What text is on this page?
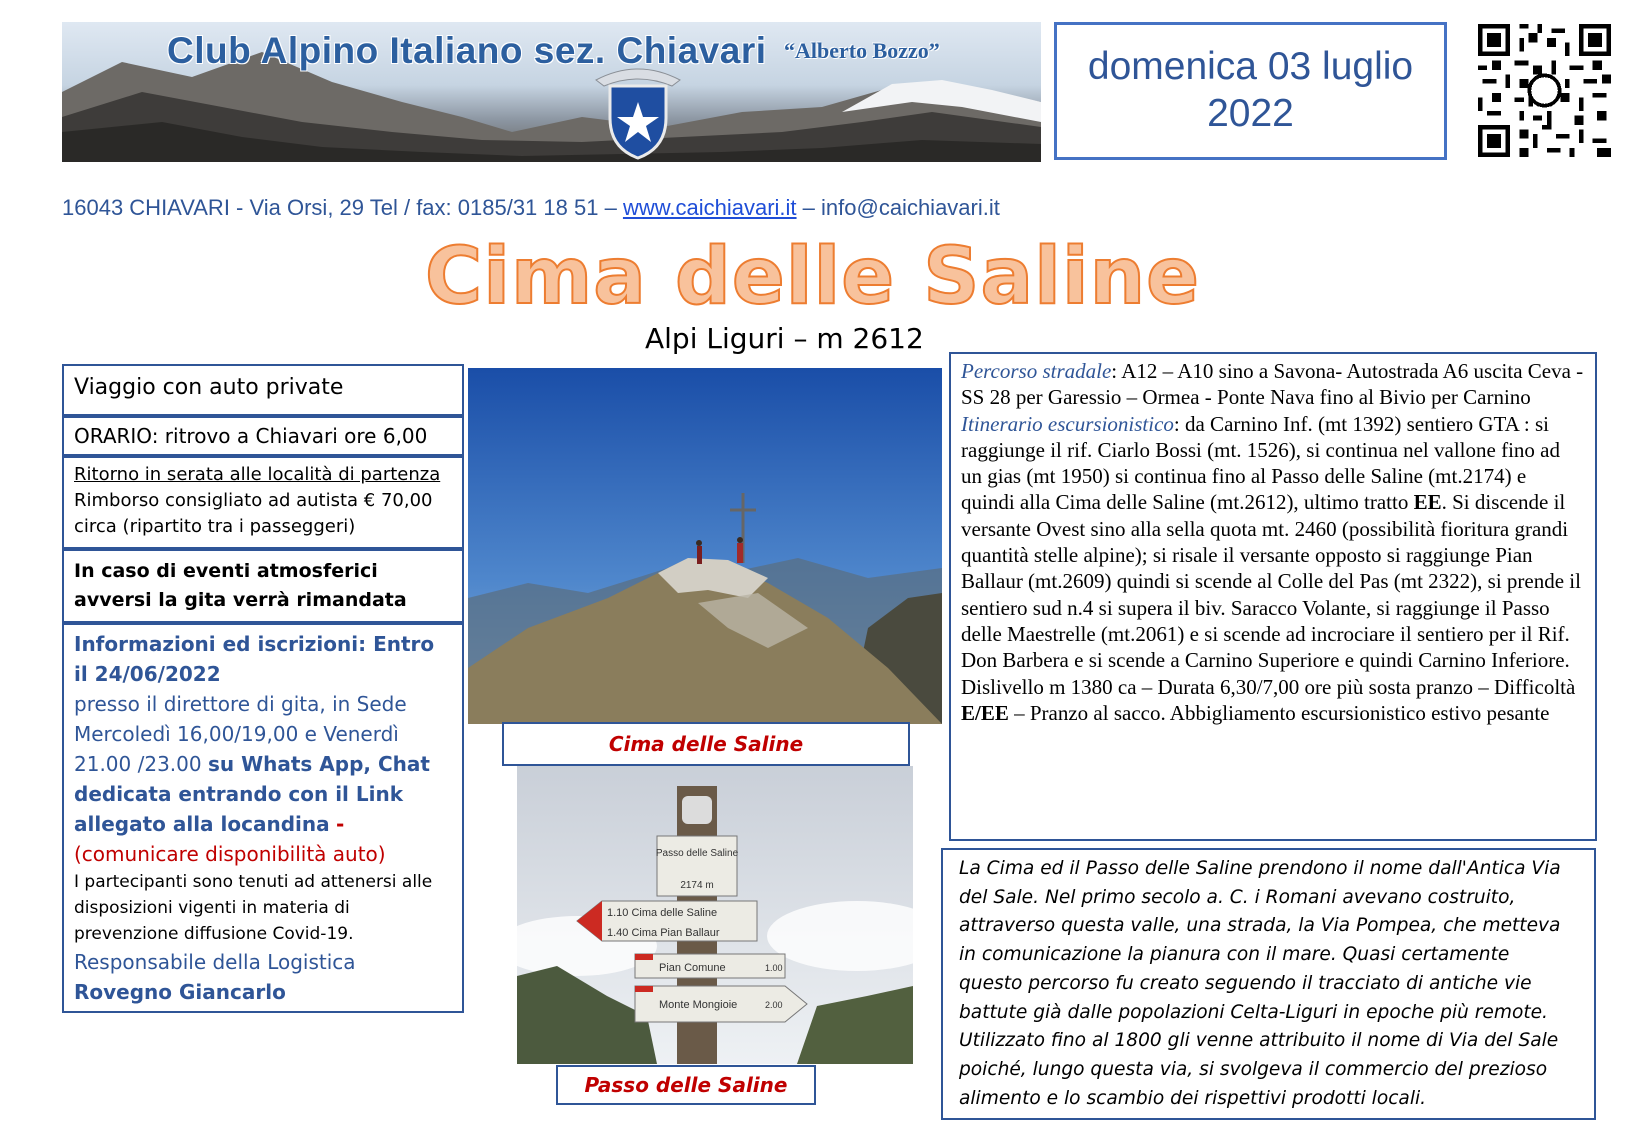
Club Alpino Italiano sez. Chiavari “Alberto Bozzo”	domenica 03 luglio
2022
16043 CHIAVARI - Via Orsi, 29 Tel / fax: 0185/31 18 51 – www.caichiavari.it – info@caichiavari.it
Cima delle Saline
Alpi Liguri – m 2612
Viaggio con auto private
ORARIO: ritrovo a Chiavari ore 6,00
Ritorno in serata alle località di partenza
Rimborso consigliato ad autista € 70,00 circa (ripartito tra i passeggeri)
In caso di eventi atmosferici avversi la gita verrà rimandata
Informazioni ed iscrizioni: Entro il 24/06/2022
presso il direttore di gita, in Sede Mercoledì 16,00/19,00 e Venerdì 21.00 /23.00 su Whats App, Chat dedicata entrando con il Link allegato alla locandina -
(comunicare disponibilità auto)
I partecipanti sono tenuti ad attenersi alle disposizioni vigenti in materia di prevenzione diffusione Covid-19.
Responsabile della Logistica
Rovegno Giancarlo
Cima delle Saline
Passo delle Saline
2174 m
1.10 Cima delle Saline
1.40 Cima Pian Ballaur
Pian Comune	1.00
Monte Mongioie	2.00
Passo delle Saline
Percorso stradale: A12 – A10 sino a Savona- Autostrada A6 uscita Ceva - SS 28 per Garessio – Ormea - Ponte Nava fino al Bivio per Carnino
Itinerario escursionistico: da Carnino Inf. (mt 1392) sentiero GTA : si raggiunge il rif. Ciarlo Bossi (mt. 1526), si continua nel vallone fino ad un gias (mt 1950) si continua fino al Passo delle Saline (mt.2174) e quindi alla Cima delle Saline (mt.2612), ultimo tratto EE. Si discende il versante Ovest sino alla sella quota mt. 2460 (possibilità fioritura grandi quantità stelle alpine); si risale il versante opposto si raggiunge Pian Ballaur (mt.2609) quindi si scende al Colle del Pas (mt 2322), si prende il sentiero sud n.4 si supera il biv. Saracco Volante, si raggiunge il Passo delle Maestrelle (mt.2061) e si scende ad incrociare il sentiero per il Rif. Don Barbera e si scende a Carnino Superiore e quindi Carnino Inferiore.
Dislivello m 1380 ca – Durata 6,30/7,00 ore più sosta pranzo – Difficoltà E/EE – Pranzo al sacco. Abbigliamento escursionistico estivo pesante
La Cima ed il Passo delle Saline prendono il nome dall'Antica Via del Sale. Nel primo secolo a. C. i Romani avevano costruito, attraverso questa valle, una strada, la Via Pompea, che metteva in comunicazione la pianura con il mare. Quasi certamente questo percorso fu creato seguendo il tracciato di antiche vie battute già dalle popolazioni Celta-Liguri in epoche più remote. Utilizzato fino al 1800 gli venne attribuito il nome di Via del Sale poiché, lungo questa via, si svolgeva il commercio del prezioso alimento e lo scambio dei rispettivi prodotti locali.
